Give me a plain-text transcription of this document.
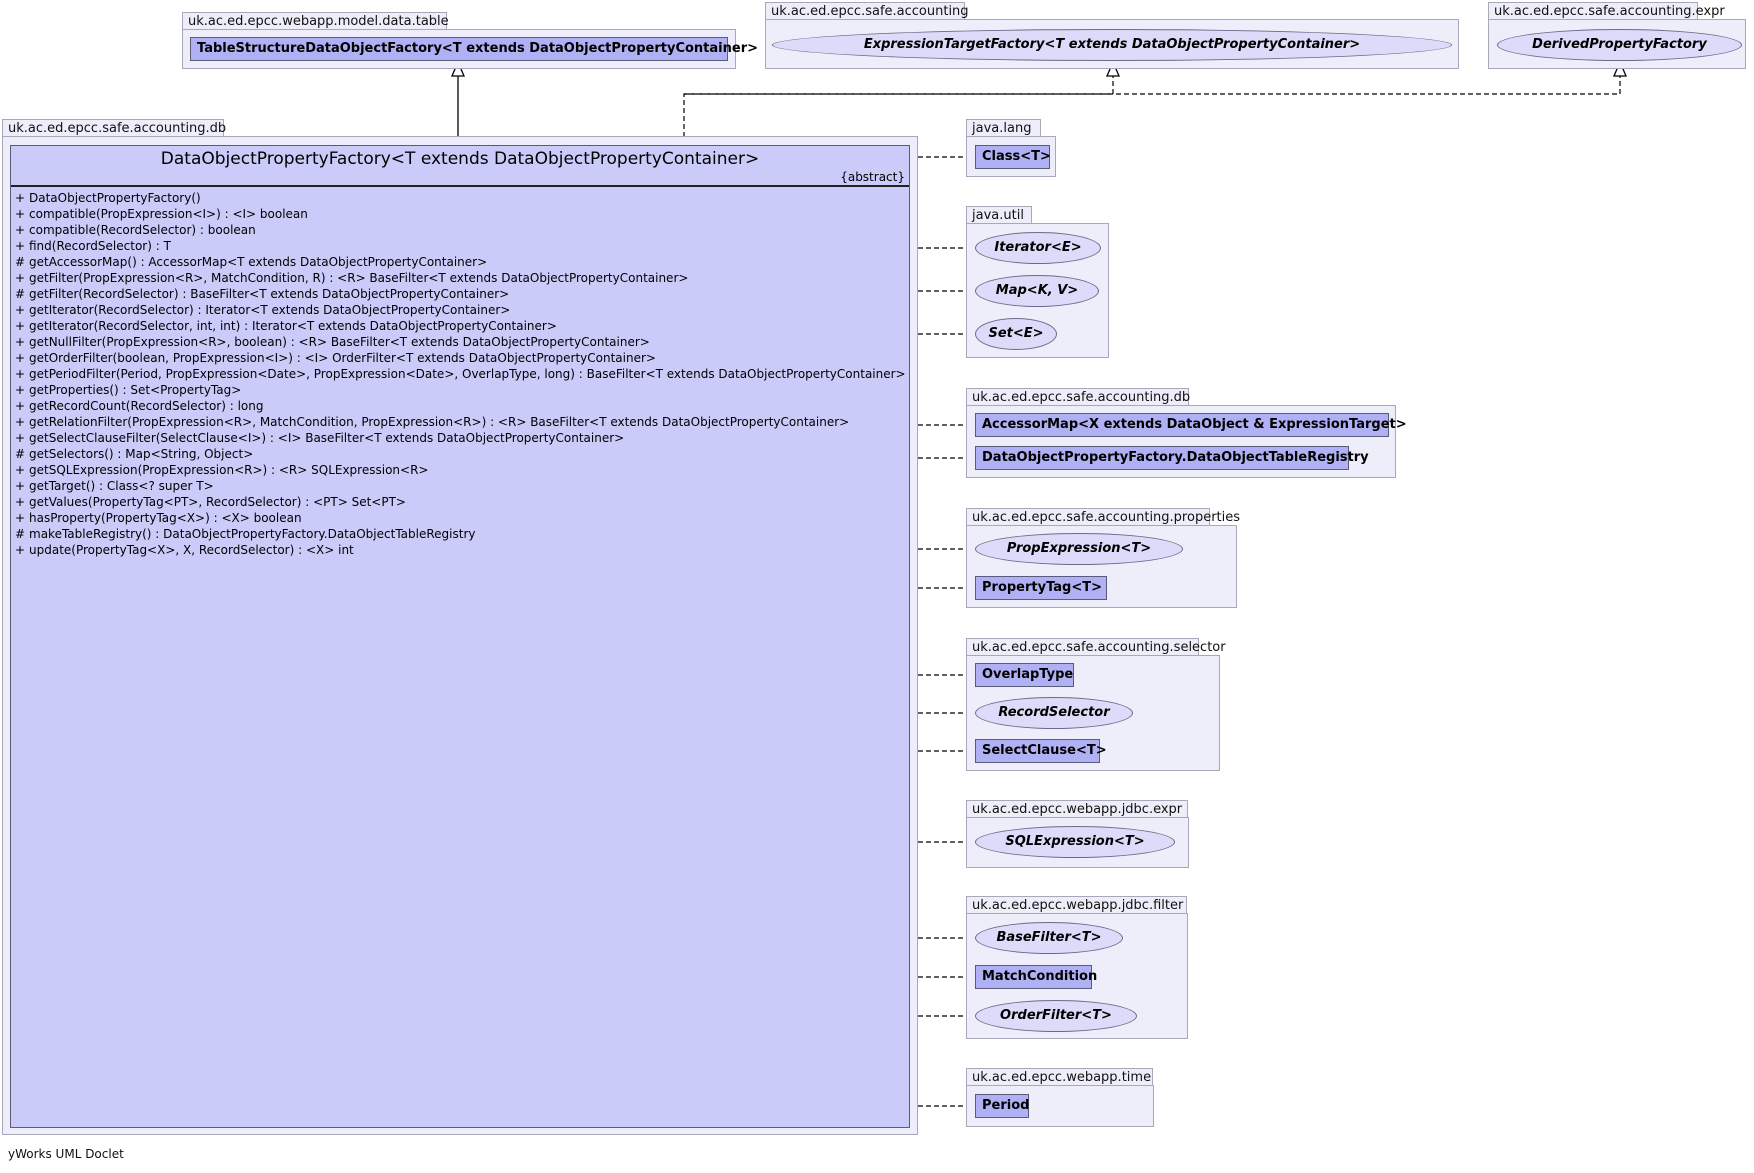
uk.ac.ed.epcc.safe.accounting.db
DataObjectPropertyFactory<T extends DataObjectPropertyContainer>
{abstract}
+ DataObjectPropertyFactory()
+ compatible(PropExpression<I>) : <I> boolean
+ compatible(RecordSelector) : boolean
+ find(RecordSelector) : T
# getAccessorMap() : AccessorMap<T extends DataObjectPropertyContainer>
+ getFilter(PropExpression<R>, MatchCondition, R) : <R> BaseFilter<T extends DataObjectPropertyContainer>
# getFilter(RecordSelector) : BaseFilter<T extends DataObjectPropertyContainer>
+ getIterator(RecordSelector) : Iterator<T extends DataObjectPropertyContainer>
+ getIterator(RecordSelector, int, int) : Iterator<T extends DataObjectPropertyContainer>
+ getNullFilter(PropExpression<R>, boolean) : <R> BaseFilter<T extends DataObjectPropertyContainer>
+ getOrderFilter(boolean, PropExpression<I>) : <I> OrderFilter<T extends DataObjectPropertyContainer>
+ getPeriodFilter(Period, PropExpression<Date>, PropExpression<Date>, OverlapType, long) : BaseFilter<T extends DataObjectPropertyContainer>
+ getProperties() : Set<PropertyTag>
+ getRecordCount(RecordSelector) : long
+ getRelationFilter(PropExpression<R>, MatchCondition, PropExpression<R>) : <R> BaseFilter<T extends DataObjectPropertyContainer>
+ getSelectClauseFilter(SelectClause<I>) : <I> BaseFilter<T extends DataObjectPropertyContainer>
# getSelectors() : Map<String, Object>
+ getSQLExpression(PropExpression<R>) : <R> SQLExpression<R>
+ getTarget() : Class<? super T>
+ getValues(PropertyTag<PT>, RecordSelector) : <PT> Set<PT>
+ hasProperty(PropertyTag<X>) : <X> boolean
# makeTableRegistry() : DataObjectPropertyFactory.DataObjectTableRegistry
+ update(PropertyTag<X>, X, RecordSelector) : <X> int
uk.ac.ed.epcc.webapp.model.data.table
TableStructureDataObjectFactory<T extends DataObjectPropertyContainer>
uk.ac.ed.epcc.safe.accounting
ExpressionTargetFactory<T extends DataObjectPropertyContainer>
uk.ac.ed.epcc.safe.accounting.expr
DerivedPropertyFactory
java.lang
Class<T>
java.util
Iterator<E>
Map<K, V>
Set<E>
uk.ac.ed.epcc.safe.accounting.db
AccessorMap<X extends DataObject & ExpressionTarget>
DataObjectPropertyFactory.DataObjectTableRegistry
uk.ac.ed.epcc.safe.accounting.properties
PropExpression<T>
PropertyTag<T>
uk.ac.ed.epcc.safe.accounting.selector
OverlapType
RecordSelector
SelectClause<T>
uk.ac.ed.epcc.webapp.jdbc.expr
SQLExpression<T>
uk.ac.ed.epcc.webapp.jdbc.filter
BaseFilter<T>
MatchCondition
OrderFilter<T>
uk.ac.ed.epcc.webapp.time
Period
yWorks UML Doclet
